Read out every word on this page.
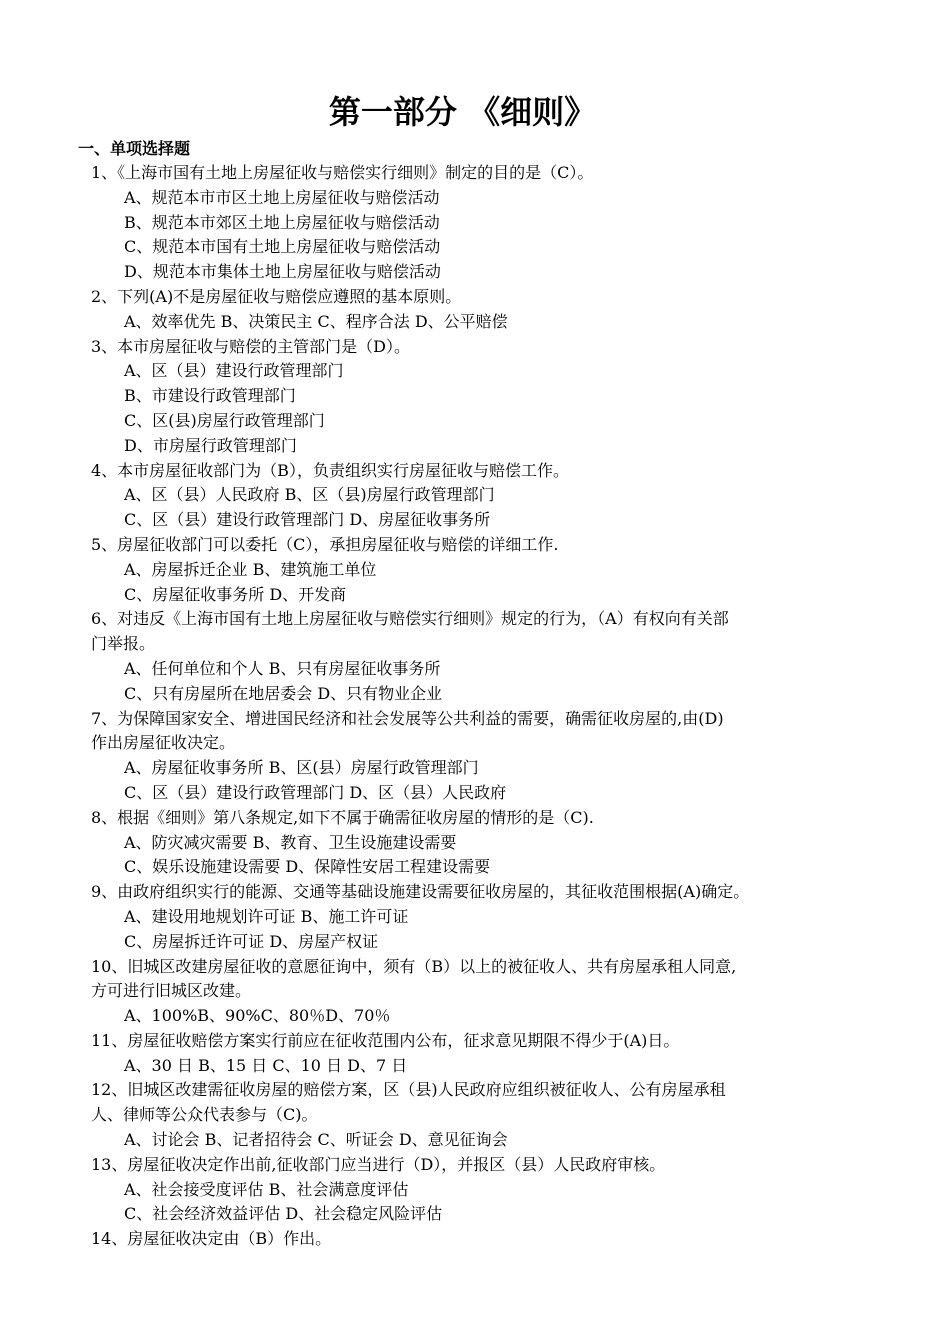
第一部分 《细则》
一、单项选择题
1、《上海市国有土地上房屋征收与赔偿实行细则》制定的目的是（C）。
A、规范本市市区土地上房屋征收与赔偿活动
B、规范本市郊区土地上房屋征收与赔偿活动
C、规范本市国有土地上房屋征收与赔偿活动
D、规范本市集体土地上房屋征收与赔偿活动
2、下列(A)不是房屋征收与赔偿应遵照的基本原则。
A、效率优先 B、决策民主 C、程序合法 D、公平赔偿
3、本市房屋征收与赔偿的主管部门是（D）。
A、区（县）建设行政管理部门
B、市建设行政管理部门
C、区(县)房屋行政管理部门
D、市房屋行政管理部门
4、本市房屋征收部门为（B），负责组织实行房屋征收与赔偿工作。
A、区（县）人民政府 B、区（县)房屋行政管理部门
C、区（县）建设行政管理部门 D、房屋征收事务所
5、房屋征收部门可以委托（C），承担房屋征收与赔偿的详细工作.
A、房屋拆迁企业 B、建筑施工单位
C、房屋征收事务所 D、开发商
6、对违反《上海市国有土地上房屋征收与赔偿实行细则》规定的行为，（A）有权向有关部
门举报。
A、任何单位和个人 B、只有房屋征收事务所
C、只有房屋所在地居委会 D、只有物业企业
7、为保障国家安全、增进国民经济和社会发展等公共利益的需要，确需征收房屋的,由(D)
作出房屋征收决定。
A、房屋征收事务所 B、区(县）房屋行政管理部门
C、区（县）建设行政管理部门 D、区（县）人民政府
8、根据《细则》第八条规定,如下不属于确需征收房屋的情形的是（C).
A、防灾减灾需要 B、教育、卫生设施建设需要
C、娱乐设施建设需要 D、保障性安居工程建设需要
9、由政府组织实行的能源、交通等基础设施建设需要征收房屋的，其征收范围根据(A)确定。
A、建设用地规划许可证 B、施工许可证
C、房屋拆迁许可证 D、房屋产权证
10、旧城区改建房屋征收的意愿征询中，须有（B）以上的被征收人、共有房屋承租人同意,
方可进行旧城区改建。
A、100%B、90%C、80％D、70％
11、房屋征收赔偿方案实行前应在征收范围内公布，征求意见期限不得少于(A)日。
A、30 日 B、15 日 C、10 日 D、7 日
12、旧城区改建需征收房屋的赔偿方案，区（县)人民政府应组织被征收人、公有房屋承租
人、律师等公众代表参与（C)。
A、讨论会 B、记者招待会 C、听证会 D、意见征询会
13、房屋征收决定作出前,征收部门应当进行（D），并报区（县）人民政府审核。
A、社会接受度评估 B、社会满意度评估
C、社会经济效益评估 D、社会稳定风险评估
14、房屋征收决定由（B）作出。
